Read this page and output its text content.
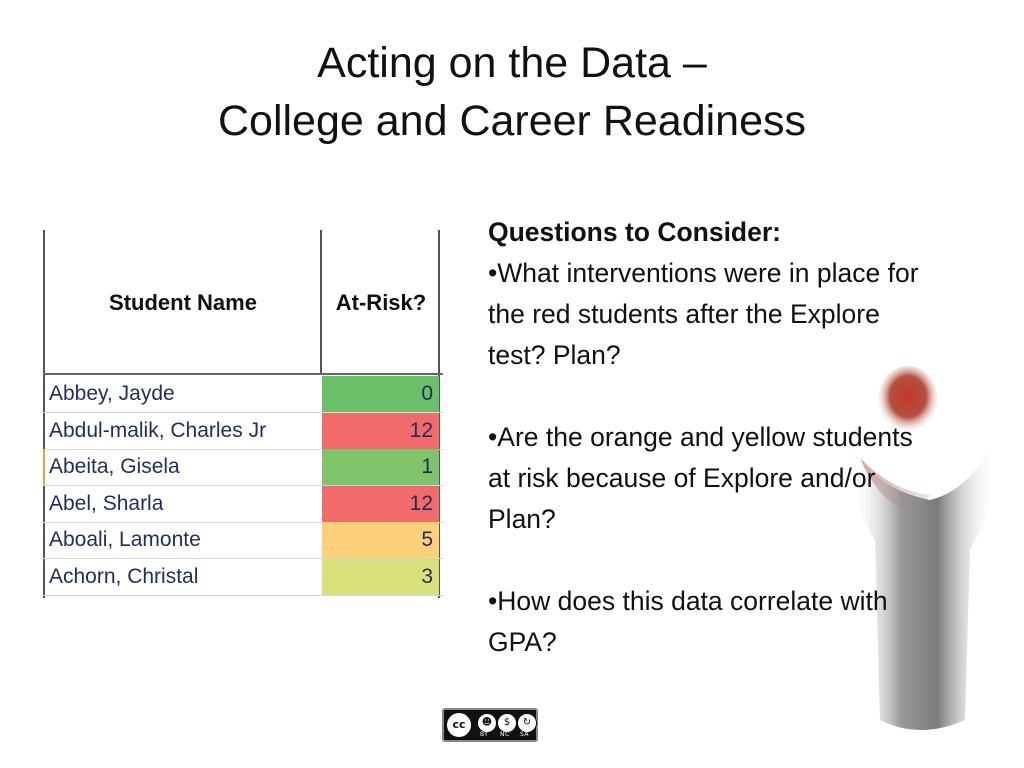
Acting on the Data –
College and Career Readiness
Student Name	At-Risk?
Abbey, Jayde	0
Abdul-malik, Charles Jr	12
Abeita, Gisela	1
Abel, Sharla	12
Aboali, Lamonte	5
Achorn, Christal	3
Questions to Consider:

•What interventions were in place for the red students after the Explore test? Plan?

•Are the orange and yellow students at risk because of Explore and/or Plan?

•How does this data correlate with GPA?

cc	☻	$	↻
BY NC SA
